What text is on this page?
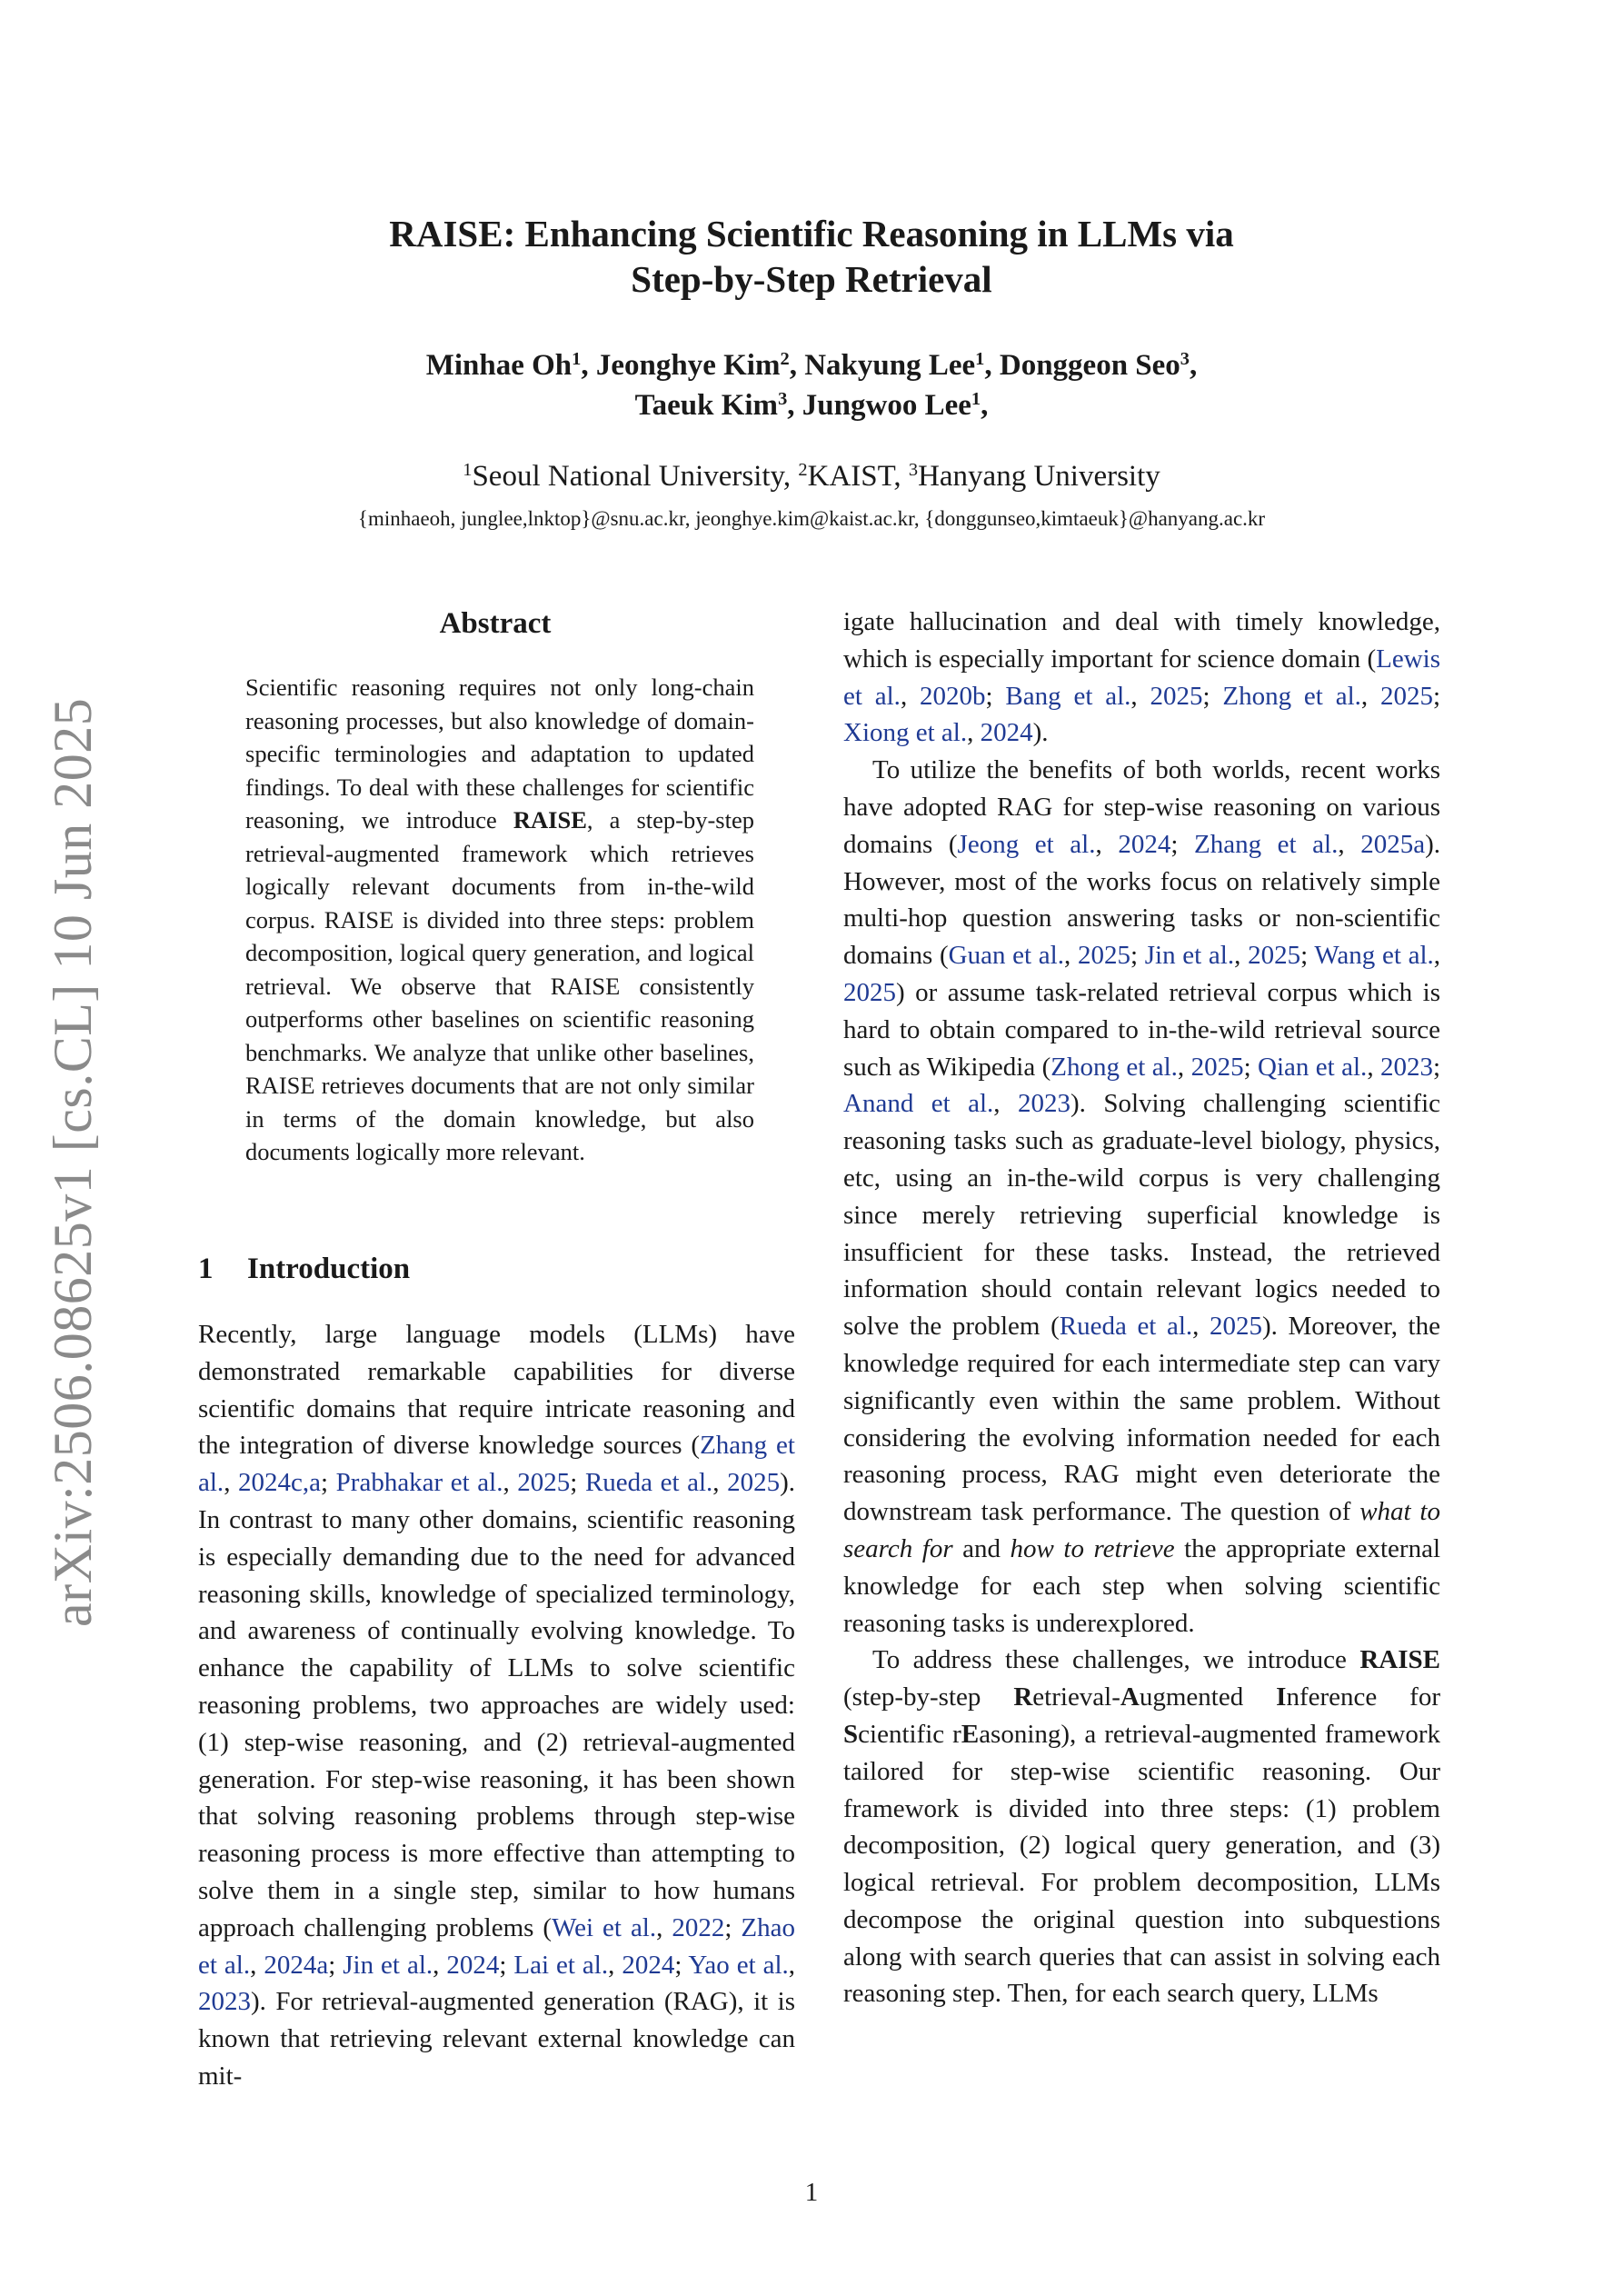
arXiv:2506.08625v1 [cs.CL] 10 Jun 2025
RAISE: Enhancing Scientific Reasoning in LLMs via
Step-by-Step Retrieval
Minhae Oh$^1$, Jeonghye Kim$^2$, Nakyung Lee$^1$, Donggeon Seo$^3$,
Taeuk Kim$^3$, Jungwoo Lee$^1$,
$^1$Seoul National University, $^2$KAIST, $^3$Hanyang University
{minhaeoh, junglee,lnktop}@snu.ac.kr, jeonghye.kim@kaist.ac.kr, {donggunseo,kimtaeuk}@hanyang.ac.kr
Abstract
Scientific reasoning requires not only long-chain reasoning processes, but also knowledge of domain-specific terminologies and adaptation to updated findings. To deal with these challenges for scientific reasoning, we introduce RAISE, a step-by-step retrieval-augmented framework which retrieves logically relevant documents from in-the-wild corpus. RAISE is divided into three steps: problem decomposition, logical query generation, and logical retrieval. We observe that RAISE consistently outperforms other baselines on scientific reasoning benchmarks. We analyze that unlike other baselines, RAISE retrieves documents that are not only similar in terms of the domain knowledge, but also documents logically more relevant.
1 Introduction

Recently, large language models (LLMs) have demonstrated remarkable capabilities for diverse scientific domains that require intricate reasoning and the integration of diverse knowledge sources (Zhang et al., 2024c,a; Prabhakar et al., 2025; Rueda et al., 2025). In contrast to many other domains, scientific reasoning is especially demanding due to the need for advanced reasoning skills, knowledge of specialized terminology, and awareness of continually evolving knowledge. To enhance the capability of LLMs to solve scientific reasoning problems, two approaches are widely used: (1) step-wise reasoning, and (2) retrieval-augmented generation. For step-wise reasoning, it has been shown that solving reasoning problems through step-wise reasoning process is more effective than attempting to solve them in a single step, similar to how humans approach challenging problems (Wei et al., 2022; Zhao et al., 2024a; Jin et al., 2024; Lai et al., 2024; Yao et al., 2023). For retrieval-augmented generation (RAG), it is known that retrieving relevant external knowledge can mit-

igate hallucination and deal with timely knowledge, which is especially important for science domain (Lewis et al., 2020b; Bang et al., 2025; Zhong et al., 2025; Xiong et al., 2024).

To utilize the benefits of both worlds, recent works have adopted RAG for step-wise reasoning on various domains (Jeong et al., 2024; Zhang et al., 2025a). However, most of the works focus on relatively simple multi-hop question answering tasks or non-scientific domains (Guan et al., 2025; Jin et al., 2025; Wang et al., 2025) or assume task-related retrieval corpus which is hard to obtain compared to in-the-wild retrieval source such as Wikipedia (Zhong et al., 2025; Qian et al., 2023; Anand et al., 2023). Solving challenging scientific reasoning tasks such as graduate-level biology, physics, etc, using an in-the-wild corpus is very challenging since merely retrieving superficial knowledge is insufficient for these tasks. Instead, the retrieved information should contain relevant logics needed to solve the problem (Rueda et al., 2025). Moreover, the knowledge required for each intermediate step can vary significantly even within the same problem. Without considering the evolving information needed for each reasoning process, RAG might even deteriorate the downstream task performance. The question of what to search for and how to retrieve the appropriate external knowledge for each step when solving scientific reasoning tasks is underexplored.

To address these challenges, we introduce RAISE (step-by-step Retrieval-Augmented Inference for Scientific rEasoning), a retrieval-augmented framework tailored for step-wise scientific reasoning. Our framework is divided into three steps: (1) problem decomposition, (2) logical query generation, and (3) logical retrieval. For problem decomposition, LLMs decompose the original question into subquestions along with search queries that can assist in solving each reasoning step. Then, for each search query, LLMs

1
